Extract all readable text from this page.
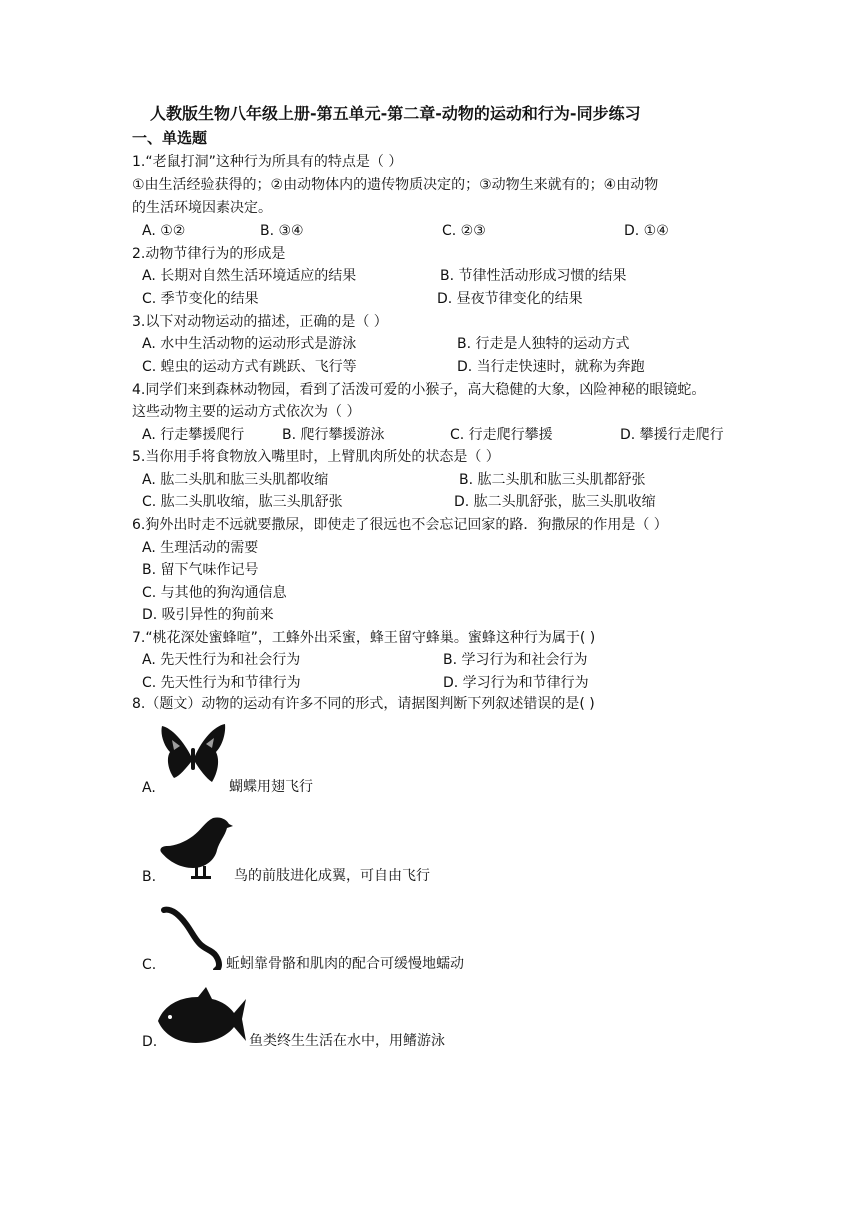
人教版生物八年级上册-第五单元-第二章-动物的运动和行为-同步练习
一、单选题
1.“老鼠打洞”这种行为所具有的特点是（ ）
①由生活经验获得的；②由动物体内的遗传物质决定的；③动物生来就有的；④由动物
的生活环境因素决定。
A. ①②	B. ③④	C. ②③	D. ①④
2.动物节律行为的形成是
A. 长期对自然生活环境适应的结果	B. 节律性活动形成习惯的结果
C. 季节变化的结果	D. 昼夜节律变化的结果
3.以下对动物运动的描述，正确的是（ ）
A. 水中生活动物的运动形式是游泳	B. 行走是人独特的运动方式
C. 蝗虫的运动方式有跳跃、飞行等	D. 当行走快速时，就称为奔跑
4.同学们来到森林动物园，看到了活泼可爱的小猴子，高大稳健的大象，凶险神秘的眼镜蛇。
这些动物主要的运动方式依次为（ ）
A. 行走攀援爬行	B. 爬行攀援游泳	C. 行走爬行攀援	D. 攀援行走爬行
5.当你用手将食物放入嘴里时，上臂肌肉所处的状态是（ ）
A. 肱二头肌和肱三头肌都收缩	B. 肱二头肌和肱三头肌都舒张
C. 肱二头肌收缩，肱三头肌舒张	D. 肱二头肌舒张，肱三头肌收缩
6.狗外出时走不远就要撒尿，即使走了很远也不会忘记回家的路．狗撒尿的作用是（ ）
A. 生理活动的需要
B. 留下气味作记号
C. 与其他的狗沟通信息
D. 吸引异性的狗前来
7.“桃花深处蜜蜂喧”，工蜂外出采蜜，蜂王留守蜂巢。蜜蜂这种行为属于( )
A. 先天性行为和社会行为	B. 学习行为和社会行为
C. 先天性行为和节律行为	D. 学习行为和节律行为
8.（题文）动物的运动有许多不同的形式，请据图判断下列叙述错误的是( )
A.	蝴蝶用翅飞行
B.	鸟的前肢进化成翼，可自由飞行
C.	蚯蚓靠骨骼和肌肉的配合可缓慢地蠕动
D.	鱼类终生生活在水中，用鳍游泳
